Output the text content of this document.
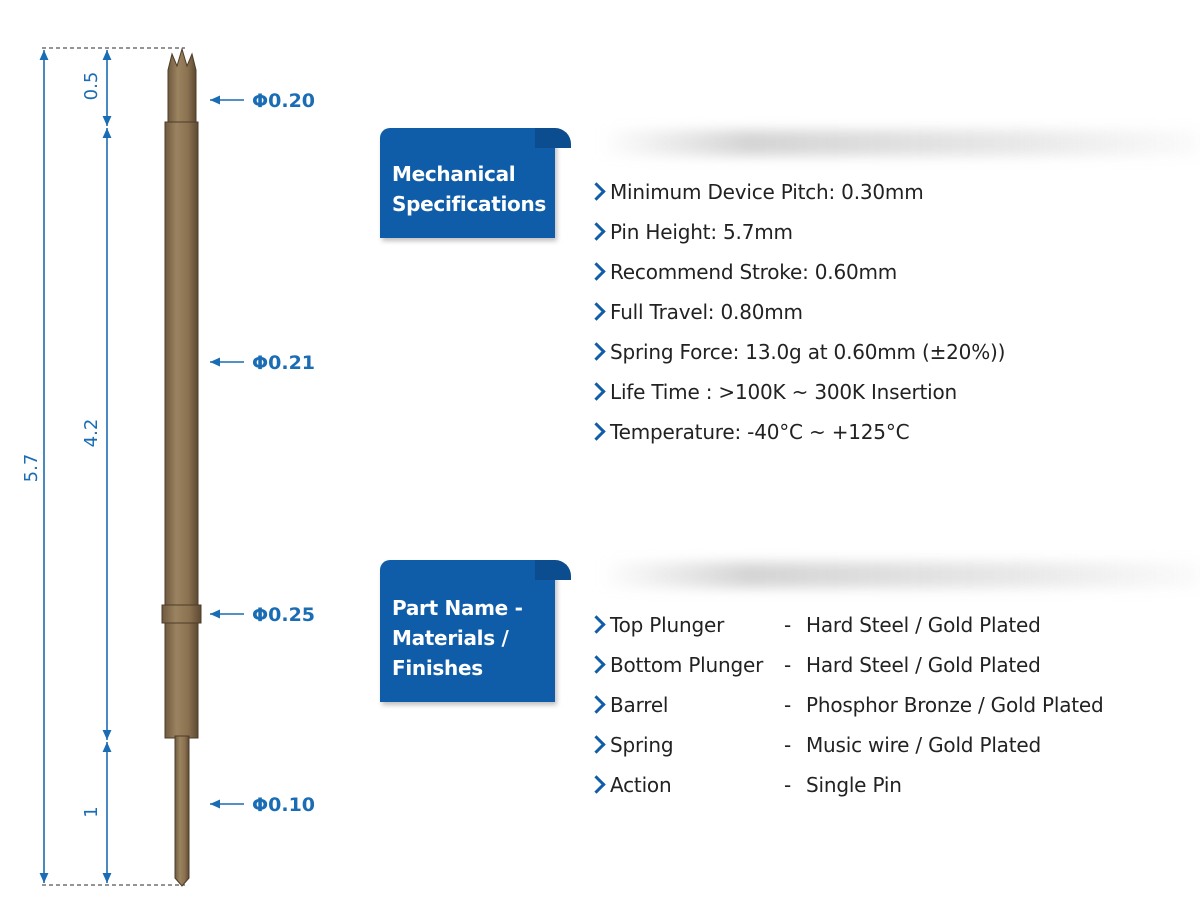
5.7
0.5
4.2
1
Φ0.20
Φ0.21
Φ0.25
Φ0.10
Mechanical
Specifications	Minimum Device Pitch: 0.30mm
Pin Height: 5.7mm
Recommend Stroke: 0.60mm
Full Travel: 0.80mm
Spring Force: 13.0g at 0.60mm (±20%))
Life Time : >100K ~ 300K Insertion
Temperature: -40°C ~ +125°C
Part Name -
Materials /
Finishes
Top Plunger	- Hard Steel / Gold Plated
Bottom Plunger - Hard Steel / Gold Plated
Barrel	- Phosphor Bronze / Gold Plated
Spring	- Music wire / Gold Plated
Action	- Single Pin
